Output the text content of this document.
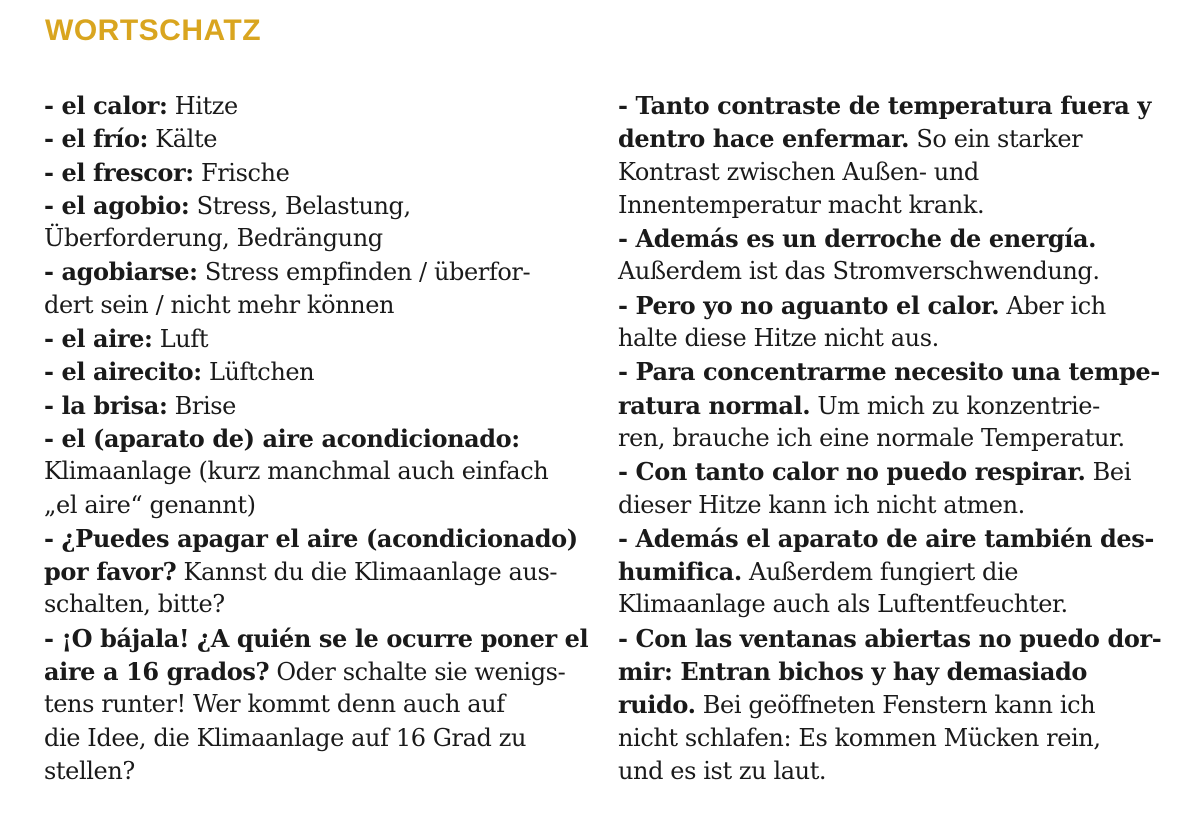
WORTSCHATZ
- el calor: Hitze
- el frío: Kälte
- el frescor: Frische
- el agobio: Stress, Belastung,
Überforderung, Bedrängung
- agobiarse: Stress empfinden / überfor-
dert sein / nicht mehr können
- el aire: Luft
- el airecito: Lüftchen
- la brisa: Brise
- el (aparato de) aire acondicionado:
Klimaanlage (kurz manchmal auch einfach
„el aire“ genannt)
- ¿Puedes apagar el aire (acondicionado)
por favor? Kannst du die Klimaanlage aus-
schalten, bitte?
- ¡O bájala! ¿A quién se le ocurre poner el
aire a 16 grados? Oder schalte sie wenigs-
tens runter! Wer kommt denn auch auf
die Idee, die Klimaanlage auf 16 Grad zu
stellen?
- Tanto contraste de temperatura fuera y
dentro hace enfermar. So ein starker
Kontrast zwischen Außen- und
Innentemperatur macht krank.
- Además es un derroche de energía.
Außerdem ist das Stromverschwendung.
- Pero yo no aguanto el calor. Aber ich
halte diese Hitze nicht aus.
- Para concentrarme necesito una tempe-
ratura normal. Um mich zu konzentrie-
ren, brauche ich eine normale Temperatur.
- Con tanto calor no puedo respirar. Bei
dieser Hitze kann ich nicht atmen.
- Además el aparato de aire también des-
humifica. Außerdem fungiert die
Klimaanlage auch als Luftentfeuchter.
- Con las ventanas abiertas no puedo dor-
mir: Entran bichos y hay demasiado
ruido. Bei geöffneten Fenstern kann ich
nicht schlafen: Es kommen Mücken rein,
und es ist zu laut.
